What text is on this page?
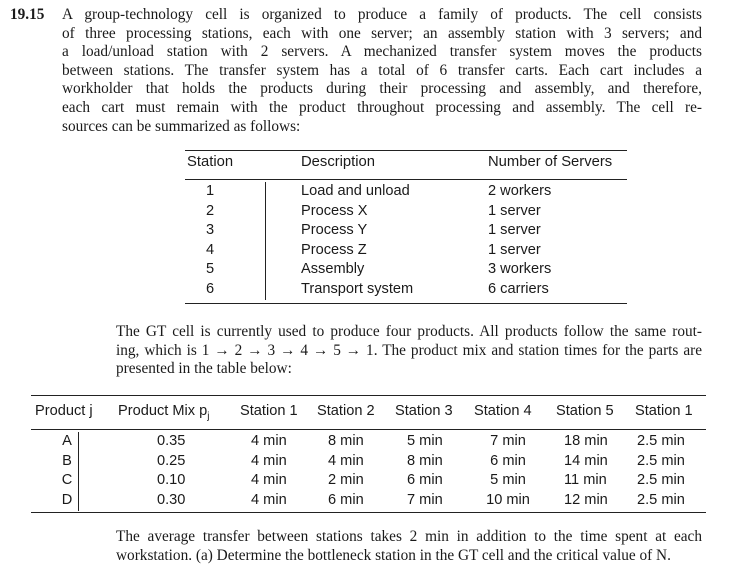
19.15 A group-technology cell is organized to produce a family of products. The cell consists
of three processing stations, each with one server; an assembly station with 3 servers; and
a load/unload station with 2 servers. A mechanized transfer system moves the products
between stations. The transfer system has a total of 6 transfer carts. Each cart includes a
workholder that holds the products during their processing and assembly, and therefore,
each cart must remain with the product throughout processing and assembly. The cell re-
sources can be summarized as follows:
Station	Description	Number of Servers
1
2
3
4
5
6
Load and unload
Process X
Process Y
Process Z
Assembly
Transport system
2 workers
1 server
1 server
1 server
3 workers
6 carriers
The GT cell is currently used to produce four products. All products follow the same rout-
ing, which is 1 → 2 → 3 → 4 → 5 → 1. The product mix and station times for the parts are
presented in the table below:
Product j Product Mix $p_j$ Station 1 Station 2 Station 3 Station 4 Station 5 Station 1
A
B
C
D
0.35
0.25
0.10
0.30
4 min
4 min
4 min
4 min
8 min
4 min
2 min
6 min
5 min
8 min
6 min
7 min
7 min
6 min
5 min
10 min
18 min
14 min
11 min
12 min
2.5 min
2.5 min
2.5 min
2.5 min
The average transfer between stations takes 2 min in addition to the time spent at each
workstation. (a) Determine the bottleneck station in the GT cell and the critical value of N.
